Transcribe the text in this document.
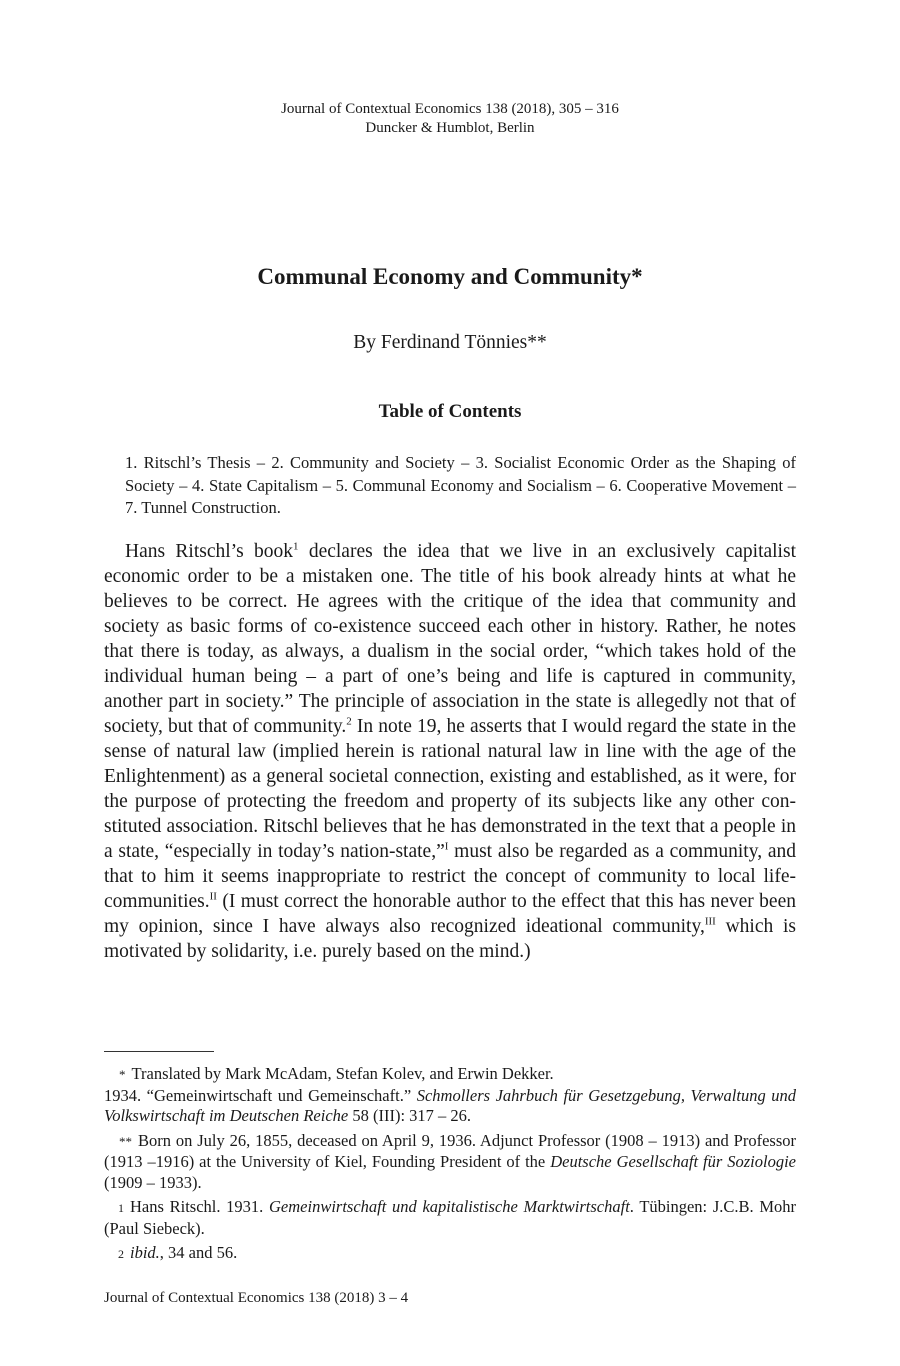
Journal of Contextual Economics 138 (2018), 305 – 316
Duncker & Humblot, Berlin
Communal Economy and Community*
By Ferdinand Tönnies**
Table of Contents
1. Ritschl’s Thesis – 2. Community and Society – 3. Socialist Economic Order as the Shaping of Society – 4. State Capitalism – 5. Communal Economy and Socialism – 6. Cooperative Movement – 7. Tunnel Construction.

Hans Ritschl’s book$^1$ declares the idea that we live in an exclusively capitalist economic order to be a mistaken one. The title of his book already hints at what he believes to be correct. He agrees with the critique of the idea that community and society as basic forms of co-existence succeed each other in history. Rather, he notes that there is today, as always, a dualism in the social order, “which takes hold of the individual human being – a part of one’s being and life is captured in community, another part in society.” The principle of association in the state is allegedly not that of society, but that of community.$^2$ In note 19, he asserts that I would regard the state in the sense of natural law (implied herein is rational natural law in line with the age of the Enlightenment) as a general societal connection, existing and established, as it were, for the purpose of protecting the freedom and property of its subjects like any other constituted association. Ritschl believes that he has demonstrated in the text that a people in a state, “especially in today’s nation-state,”$^I$ must also be regarded as a community, and that to him it seems inappropriate to restrict the concept of community to local life-communities.$^{II}$ (I must correct the honorable author to the effect that this has never been my opinion, since I have always also recognized ideational community,$^{III}$ which is motivated by solidarity, i.e. purely based on the mind.)

* Translated by Mark McAdam, Stefan Kolev, and Erwin Dekker.
1934. “Gemeinwirtschaft und Gemeinschaft.” Schmollers Jahrbuch für Gesetzgebung, Verwaltung und Volkswirtschaft im Deutschen Reiche 58 (III): 317 – 26.

** Born on July 26, 1855, deceased on April 9, 1936. Adjunct Professor (1908 – 1913) and Professor (1913 –1916) at the University of Kiel, Founding President of the Deutsche Gesellschaft für Soziologie (1909 – 1933).

1 Hans Ritschl. 1931. Gemeinwirtschaft und kapitalistische Marktwirtschaft. Tübingen: J.C.B. Mohr (Paul Siebeck).

2 ibid., 34 and 56.

Journal of Contextual Economics 138 (2018) 3 – 4
